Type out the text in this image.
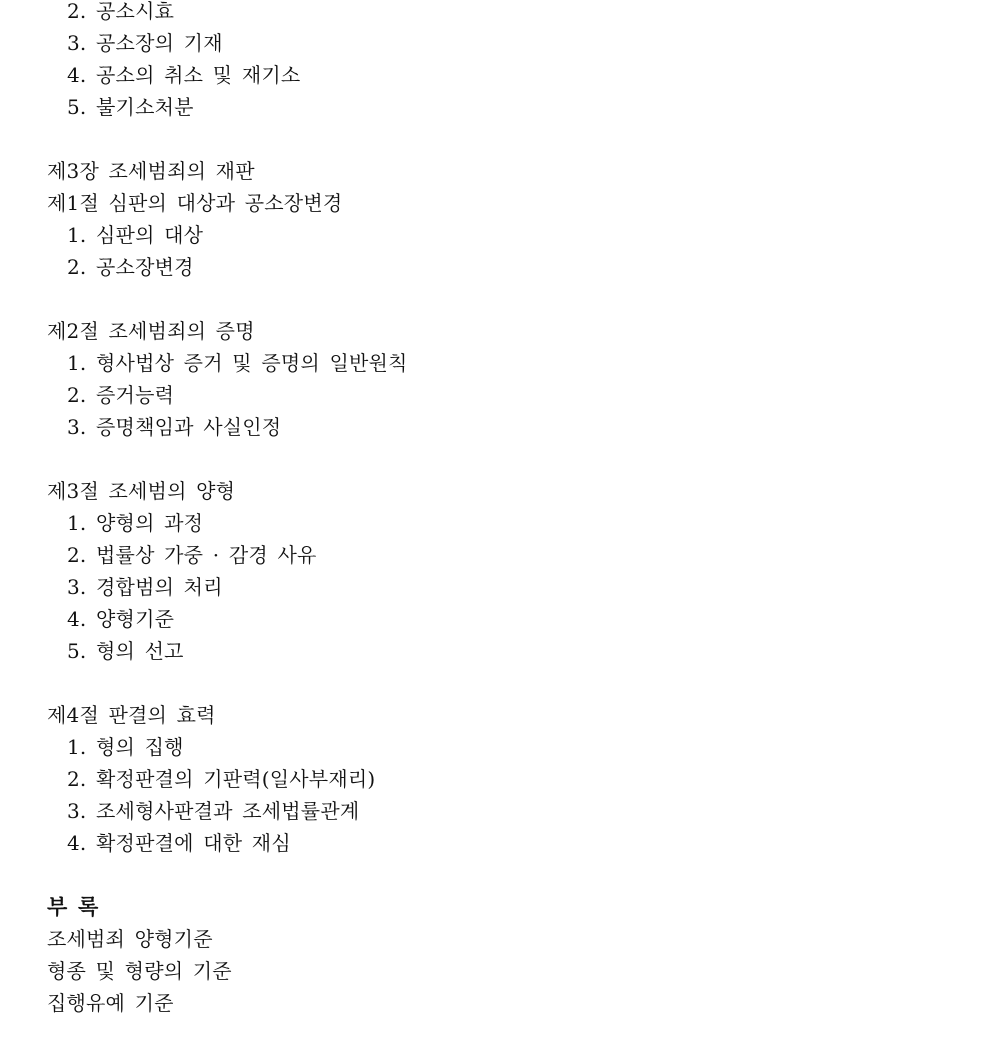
2. 공소시효
3. 공소장의 기재
4. 공소의 취소 및 재기소
5. 불기소처분
제3장 조세범죄의 재판
제1절 심판의 대상과 공소장변경
1. 심판의 대상
2. 공소장변경
제2절 조세범죄의 증명
1. 형사법상 증거 및 증명의 일반원칙
2. 증거능력
3. 증명책임과 사실인정
제3절 조세범의 양형
1. 양형의 과정
2. 법률상 가중 · 감경 사유
3. 경합범의 처리
4. 양형기준
5. 형의 선고
제4절 판결의 효력
1. 형의 집행
2. 확정판결의 기판력(일사부재리)
3. 조세형사판결과 조세법률관계
4. 확정판결에 대한 재심
부 록
조세범죄 양형기준
형종 및 형량의 기준
집행유예 기준
